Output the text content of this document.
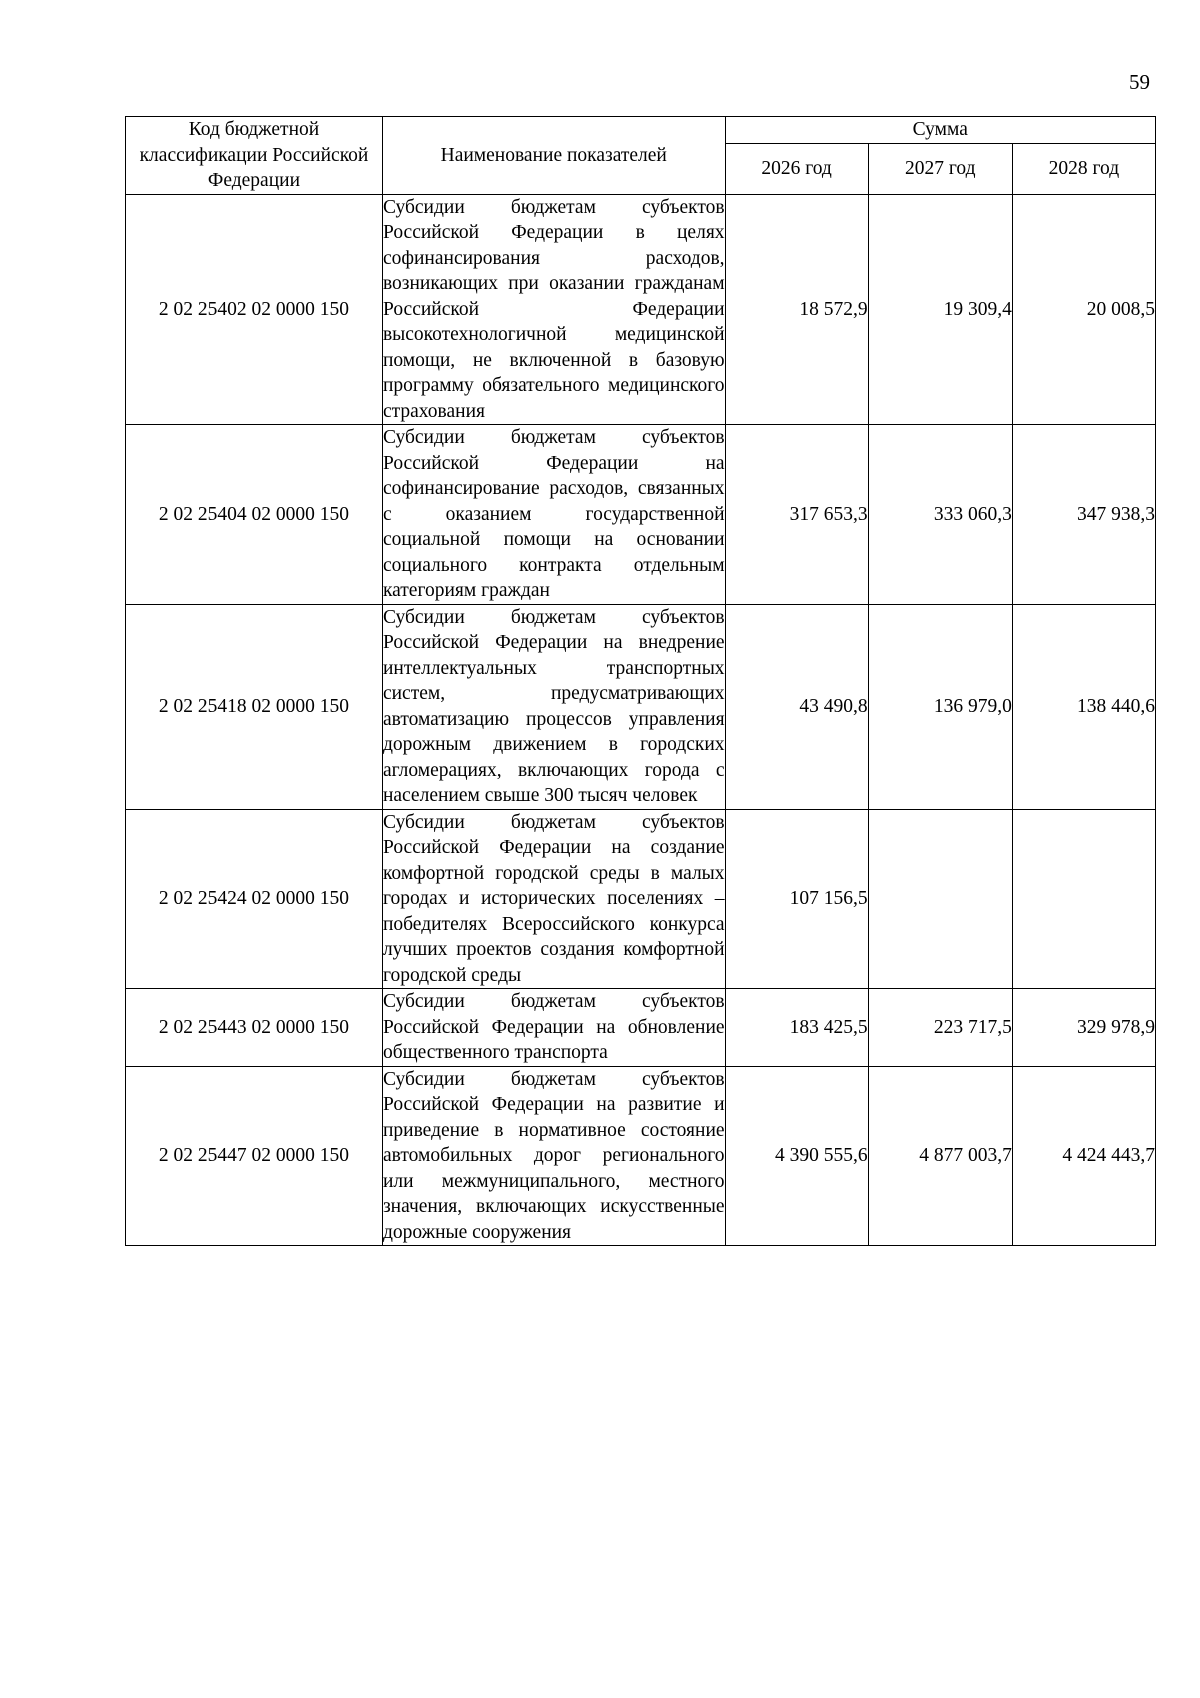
59
Код бюджетной классификации Российской Федерации	Наименование показателей	Сумма		
		2026 год	2027 год	2028 год
2 02 25402 02 0000 150	Субсидии бюджетам субъектов Российской Федерации в целях софинансирования расходов, возникающих при оказании гражданам Российской Федерации высокотехнологичной медицинской помощи, не включенной в базовую программу обязательного медицинского страхования	18 572,9	19 309,4	20 008,5
2 02 25404 02 0000 150	Субсидии бюджетам субъектов Российской Федерации на софинансирование расходов, связанных с оказанием государственной социальной помощи на основании социального контракта отдельным категориям граждан	317 653,3	333 060,3	347 938,3
2 02 25418 02 0000 150	Субсидии бюджетам субъектов Российской Федерации на внедрение интеллектуальных транспортных систем, предусматривающих автоматизацию процессов управления дорожным движением в городских агломерациях, включающих города с населением свыше 300 тысяч человек	43 490,8	136 979,0	138 440,6
2 02 25424 02 0000 150	Субсидии бюджетам субъектов Российской Федерации на создание комфортной городской среды в малых городах и исторических поселениях – победителях Всероссийского конкурса лучших проектов создания комфортной городской среды	107 156,5		
2 02 25443 02 0000 150	Субсидии бюджетам субъектов Российской Федерации на обновление общественного транспорта	183 425,5	223 717,5	329 978,9
2 02 25447 02 0000 150	Субсидии бюджетам субъектов Российской Федерации на развитие и приведение в нормативное состояние автомобильных дорог регионального или межмуниципального, местного значения, включающих искусственные дорожные сооружения	4 390 555,6	4 877 003,7	4 424 443,7
